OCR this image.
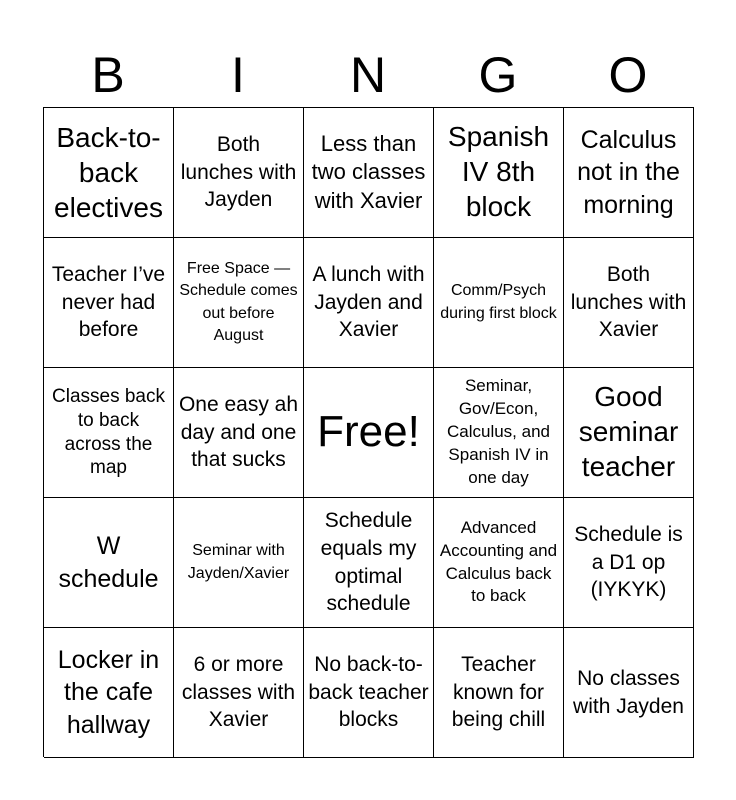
B	I	N	G	O
Back-to-back electives
Both lunches with Jayden
Less than two classes with Xavier
Spanish IV 8th block
Calculus not in the morning
Teacher I’ve never had before
Free Space — Schedule comes out before August
A lunch with Jayden and Xavier
Comm/Psych during first block
Both lunches with Xavier
Classes back to back across the map
One easy ah day and one that sucks
Free!
Seminar, Gov/Econ, Calculus, and Spanish IV in one day
Good seminar teacher
W schedule
Seminar with Jayden/Xavier
Schedule equals my optimal schedule
Advanced Accounting and Calculus back to back
Schedule is a D1 op (IYKYK)
Locker in the cafe hallway
6 or more classes with Xavier
No back-to-back teacher blocks
Teacher known for being chill
No classes with Jayden
